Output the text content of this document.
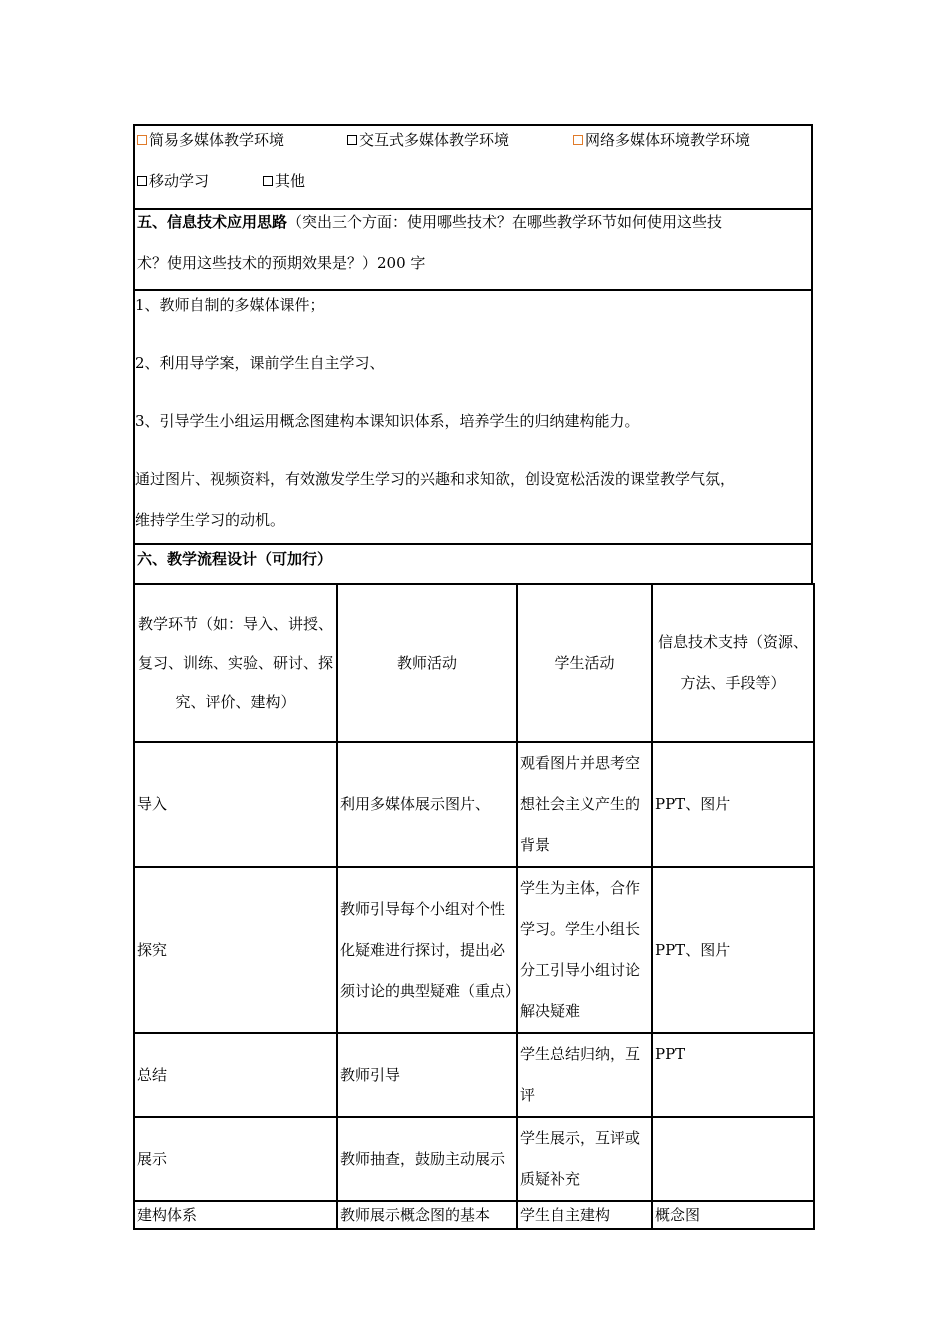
简易多媒体教学环境	交互式多媒体教学环境	网络多媒体环境教学环境
移动学习	其他
五、信息技术应用思路（突出三个方面：使用哪些技术？在哪些教学环节如何使用这些技
术？使用这些技术的预期效果是？）200 字
1、教师自制的多媒体课件；
2、利用导学案，课前学生自主学习、
3、引导学生小组运用概念图建构本课知识体系，培养学生的归纳建构能力。
通过图片、视频资料，有效激发学生学习的兴趣和求知欲，创设宽松活泼的课堂教学气氛，
维持学生学习的动机。
六、教学流程设计（可加行）
教学环节（如：导入、讲授、复习、训练、实验、研讨、探究、评价、建构）	教师活动	学生活动	信息技术支持（资源、方法、手段等）
导入	利用多媒体展示图片、	观看图片并思考空想社会主义产生的背景	PPT、图片
探究	教师引导每个小组对个性化疑难进行探讨，提出必须讨论的典型疑难（重点）	学生为主体，合作学习。学生小组长分工引导小组讨论解决疑难	PPT、图片
总结	教师引导	学生总结归纳，互评	PPT
展示	教师抽查，鼓励主动展示	学生展示，互评或质疑补充	
建构体系	教师展示概念图的基本	学生自主建构	概念图
